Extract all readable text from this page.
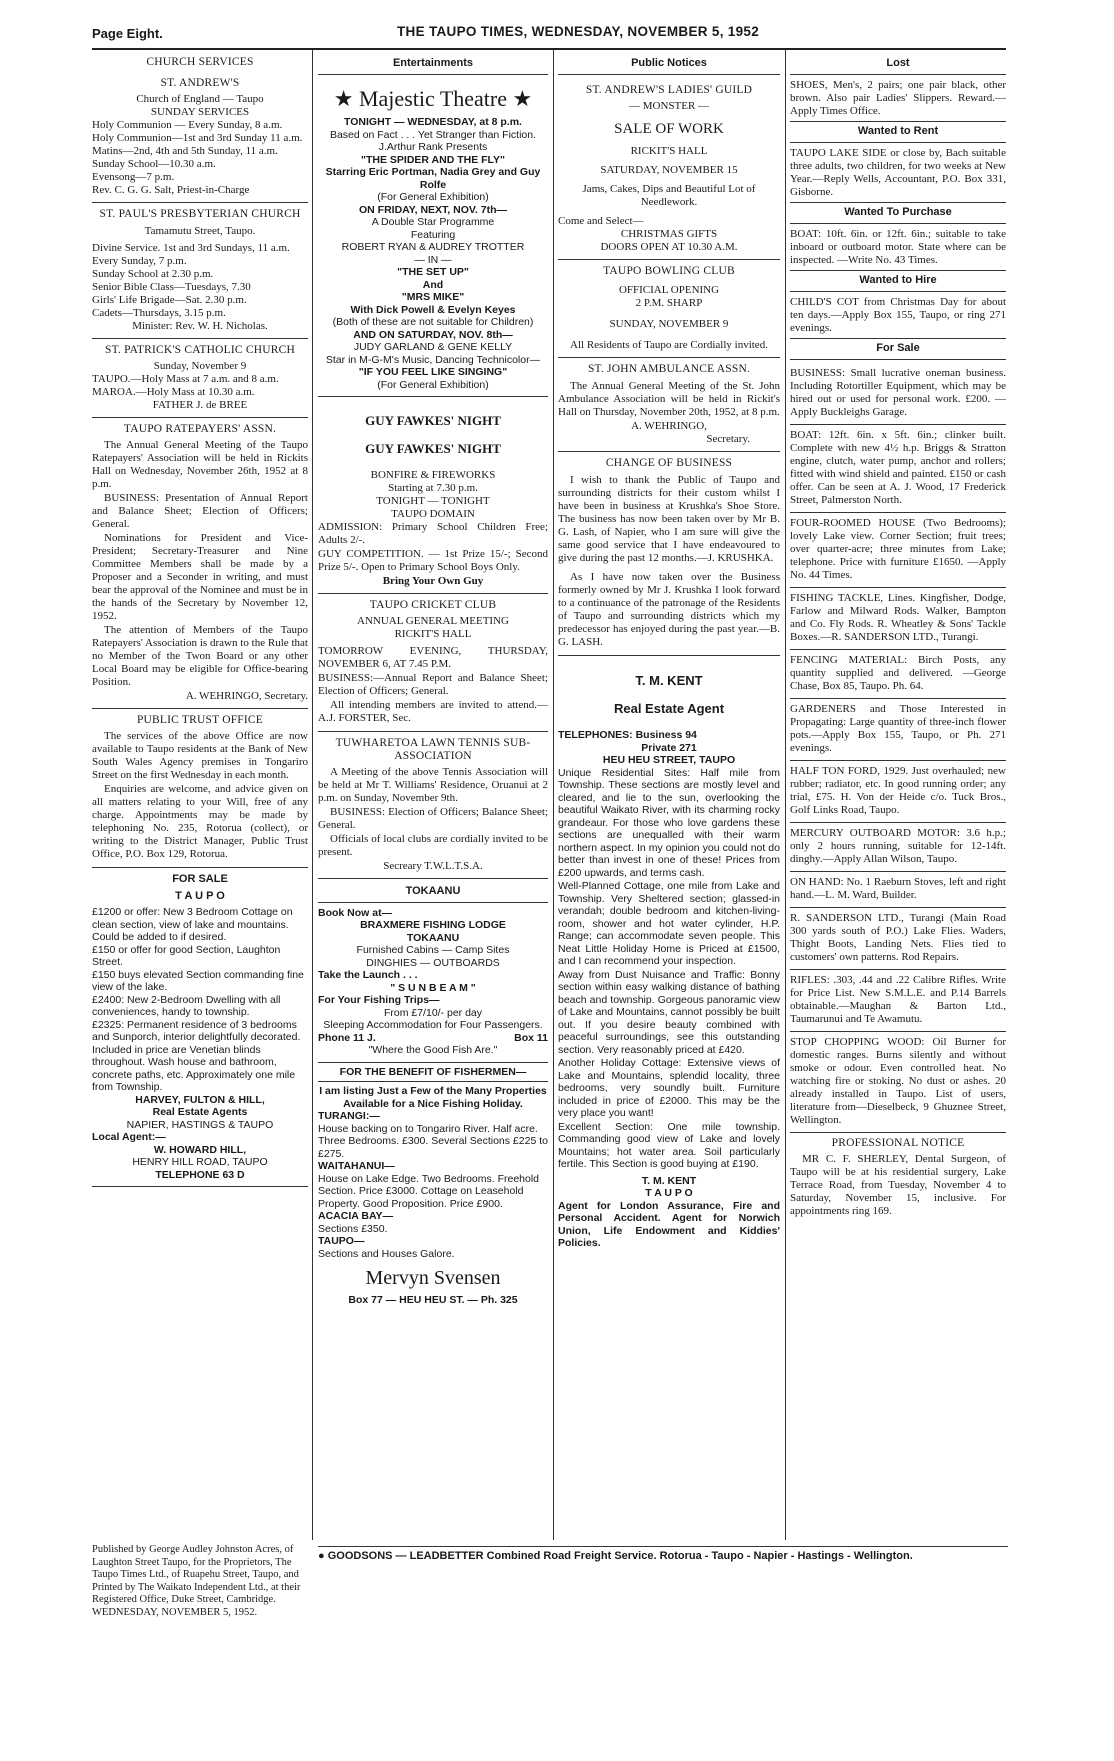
Page Eight.	THE TAUPO TIMES, WEDNESDAY, NOVEMBER 5, 1952
CHURCH SERVICES
ST. ANDREW'S

Church of England — Taupo

SUNDAY SERVICES

Holy Communion — Every Sunday, 8 a.m.

Holy Communion—1st and 3rd Sunday 11 a.m.

Matins—2nd, 4th and 5th Sunday, 11 a.m.

Sunday School—10.30 a.m.

Evensong—7 p.m.

Rev. C. G. G. Salt, Priest-in-Charge

ST. PAUL'S PRESBYTERIAN CHURCH

Tamamutu Street, Taupo.

Divine Service. 1st and 3rd Sundays, 11 a.m. Every Sunday, 7 p.m.

Sunday School at 2.30 p.m.

Senior Bible Class—Tuesdays, 7.30

Girls' Life Brigade—Sat. 2.30 p.m.

Cadets—Thursdays, 3.15 p.m.

Minister: Rev. W. H. Nicholas.

ST. PATRICK'S CATHOLIC CHURCH

Sunday, November 9

TAUPO.—Holy Mass at 7 a.m. and 8 a.m.

MAROA.—Holy Mass at 10.30 a.m.

FATHER J. de BREE

TAUPO RATEPAYERS' ASSN.

The Annual General Meeting of the Taupo Ratepayers' Association will be held in Rickits Hall on Wednesday, November 26th, 1952 at 8 p.m.

BUSINESS: Presentation of Annual Report and Balance Sheet; Election of Officers; General.

Nominations for President and Vice-President; Secretary-Treasurer and Nine Committee Members shall be made by a Proposer and a Seconder in writing, and must bear the approval of the Nominee and must be in the hands of the Secretary by November 12, 1952.

The attention of Members of the Taupo Ratepayers' Association is drawn to the Rule that no Member of the Twon Board or any other Local Board may be eligible for Office-bearing Position.

A. WEHRINGO, Secretary.

PUBLIC TRUST OFFICE

The services of the above Office are now available to Taupo residents at the Bank of New South Wales Agency premises in Tongariro Street on the first Wednesday in each month.

Enquiries are welcome, and advice given on all matters relating to your Will, free of any charge. Appointments may be made by telephoning No. 235, Rotorua (collect), or writing to the District Manager, Public Trust Office, P.O. Box 129, Rotorua.

FOR SALE
T A U P O

£1200 or offer: New 3 Bedroom Cottage on clean section, view of lake and mountains. Could be added to if desired.

£150 or offer for good Section, Laughton Street.

£150 buys elevated Section commanding fine view of the lake.

£2400: New 2-Bedroom Dwelling with all conveniences, handy to township.

£2325: Permanent residence of 3 bedrooms and Sunporch, interior delightfully decorated. Included in price are Venetian blinds throughout. Wash house and bathroom, concrete paths, etc. Approximately one mile from Township.

HARVEY, FULTON & HILL,

Real Estate Agents

NAPIER, HASTINGS & TAUPO

Local Agent:—

W. HOWARD HILL,

HENRY HILL ROAD, TAUPO

TELEPHONE 63 D

Published by George Audley Johnston Acres, of Laughton Street Taupo, for the Proprietors, The Taupo Times Ltd., of Ruapehu Street, Taupo, and Printed by The Waikato Independent Ltd., at their Registered Office, Duke Street, Cambridge.

WEDNESDAY, NOVEMBER 5, 1952.

Entertainments
★ Majestic Theatre ★

TONIGHT — WEDNESDAY, at 8 p.m.

Based on Fact . . . Yet Stranger than Fiction. J.Arthur Rank Presents

"THE SPIDER AND THE FLY"

Starring Eric Portman, Nadia Grey and Guy Rolfe

(For General Exhibition)

ON FRIDAY, NEXT, NOV. 7th—

A Double Star Programme

Featuring

ROBERT RYAN & AUDREY TROTTER

— IN —

"THE SET UP"

And

"MRS MIKE"

With Dick Powell & Evelyn Keyes

(Both of these are not suitable for Children)

AND ON SATURDAY, NOV. 8th—

JUDY GARLAND & GENE KELLY

Star in M-G-M's Music, Dancing Technicolor—

"IF YOU FEEL LIKE SINGING"

(For General Exhibition)

GUY FAWKES' NIGHT

GUY FAWKES' NIGHT

BONFIRE & FIREWORKS

Starting at 7.30 p.m.

TONIGHT — TONIGHT

TAUPO DOMAIN

ADMISSION: Primary School Children Free; Adults 2/-.

GUY COMPETITION. — 1st Prize 15/-; Second Prize 5/-. Open to Primary School Boys Only.

Bring Your Own Guy

TAUPO CRICKET CLUB

ANNUAL GENERAL MEETING

RICKIT'S HALL

TOMORROW EVENING, THURSDAY, NOVEMBER 6, AT 7.45 P.M.

BUSINESS:—Annual Report and Balance Sheet; Election of Officers; General.

All intending members are invited to attend.—A.J. FORSTER, Sec.

TUWHARETOA LAWN TENNIS SUB-ASSOCIATION

A Meeting of the above Tennis Association will be held at Mr T. Williams' Residence, Oruanui at 2 p.m. on Sunday, November 9th.

BUSINESS: Election of Officers; Balance Sheet; General.

Officials of local clubs are cordially invited to be present.

Secreary T.W.L.T.S.A.

TOKAANU

Book Now at—

BRAXMERE FISHING LODGE

TOKAANU

Furnished Cabins — Camp Sites

DINGHIES — OUTBOARDS

Take the Launch . . .

" S U N B E A M "

For Your Fishing Trips—

From £7/10/- per day

Sleeping Accommodation for Four Passengers.

Phone 11 J.	Box 11

"Where the Good Fish Are."

FOR THE BENEFIT OF FISHERMEN—

I am listing Just a Few of the Many Properties Available for a Nice Fishing Holiday.

TURANGI:—

House backing on to Tongariro River. Half acre. Three Bedrooms. £300. Several Sections £225 to £275.

WAITAHANUI—

House on Lake Edge. Two Bedrooms. Freehold Section. Price £3000. Cottage on Leasehold Property. Good Proposition. Price £900.

ACACIA BAY—

Sections £350.

TAUPO—

Sections and Houses Galore.

Mervyn Svensen

Box 77 — HEU HEU ST. — Ph. 325

Public Notices
ST. ANDREW'S LADIES' GUILD

— MONSTER —

SALE OF WORK

RICKIT'S HALL

SATURDAY, NOVEMBER 15

Jams, Cakes, Dips and Beautiful Lot of Needlework.

Come and Select—

CHRISTMAS GIFTS

DOORS OPEN AT 10.30 A.M.

TAUPO BOWLING CLUB

OFFICIAL OPENING

2 P.M. SHARP

SUNDAY, NOVEMBER 9

All Residents of Taupo are Cordially invited.

ST. JOHN AMBULANCE ASSN.

The Annual General Meeting of the St. John Ambulance Association will be held in Rickit's Hall on Thursday, November 20th, 1952, at 8 p.m.

A. WEHRINGO,

Secretary.

CHANGE OF BUSINESS

I wish to thank the Public of Taupo and surrounding districts for their custom whilst I have been in business at Krushka's Shoe Store. The business has now been taken over by Mr B. G. Lash, of Napier, who I am sure will give the same good service that I have endeavoured to give during the past 12 months.—J. KRUSHKA.

As I have now taken over the Business formerly owned by Mr J. Krushka I look forward to a continuance of the patronage of the Residents of Taupo and surrounding districts which my predecessor has enjoyed during the past year.—B. G. LASH.

T. M. KENT

Real Estate Agent

TELEPHONES: Business 94

Private 271

HEU HEU STREET, TAUPO

Unique Residential Sites: Half mile from Township. These sections are mostly level and cleared, and lie to the sun, overlooking the beautiful Waikato River, with its charming rocky grandeaur. For those who love gardens these sections are unequalled with their warm northern aspect. In my opinion you could not do better than invest in one of these! Prices from £200 upwards, and terms cash.

Well-Planned Cottage, one mile from Lake and Township. Very Sheltered section; glassed-in verandah; double bedroom and kitchen-living-room, shower and hot water cylinder, H.P. Range; can accommodate seven people. This Neat Little Holiday Home is Priced at £1500, and I can recommend your inspection.

Away from Dust Nuisance and Traffic: Bonny section within easy walking distance of bathing beach and township. Gorgeous panoramic view of Lake and Mountains, cannot possibly be built out. If you desire beauty combined with peaceful surroundings, see this outstanding section. Very reasonably priced at £420.

Another Holiday Cottage: Extensive views of Lake and Mountains, splendid locality, three bedrooms, very soundly built. Furniture included in price of £2000. This may be the very place you want!

Excellent Section: One mile township. Commanding good view of Lake and lovely Mountains; hot water area. Soil particularly fertile. This Section is good buying at £190.

T. M. KENT

T A U P O

Agent for London Assurance, Fire and Personal Accident. Agent for Norwich Union, Life Endowment and Kiddies' Policies.

Lost

SHOES, Men's, 2 pairs; one pair black, other brown. Also pair Ladies' Slippers. Reward.—Apply Times Office.

Wanted to Rent

TAUPO LAKE SIDE or close by, Bach suitable three adults, two children, for two weeks at New Year.—Reply Wells, Accountant, P.O. Box 331, Gisborne.

Wanted To Purchase

BOAT: 10ft. 6in. or 12ft. 6in.; suitable to take inboard or outboard motor. State where can be inspected. —Write No. 43 Times.

Wanted to Hire

CHILD'S COT from Christmas Day for about ten days.—Apply Box 155, Taupo, or ring 271 evenings.

For Sale

BUSINESS: Small lucrative oneman business. Including Rotortiller Equipment, which may be hired out or used for personal work. £200. —Apply Buckleighs Garage.

BOAT: 12ft. 6in. x 5ft. 6in.; clinker built. Complete with new 4½ h.p. Briggs & Stratton engine, clutch, water pump, anchor and rollers; fitted with wind shield and painted. £150 or cash offer. Can be seen at A. J. Wood, 17 Frederick Street, Palmerston North.

FOUR-ROOMED HOUSE (Two Bedrooms); lovely Lake view. Corner Section; fruit trees; over quarter-acre; three minutes from Lake; telephone. Price with furniture £1650. —Apply No. 44 Times.

FISHING TACKLE, Lines. Kingfisher, Dodge, Farlow and Milward Rods. Walker, Bampton and Co. Fly Rods. R. Wheatley & Sons' Tackle Boxes.—R. SANDERSON LTD., Turangi.

FENCING MATERIAL: Birch Posts, any quantity supplied and delivered. —George Chase, Box 85, Taupo. Ph. 64.

GARDENERS and Those Interested in Propagating: Large quantity of three-inch flower pots.—Apply Box 155, Taupo, or Ph. 271 evenings.

HALF TON FORD, 1929. Just overhauled; new rubber; radiator, etc. In good running order; any trial, £75. H. Von der Heide c/o. Tuck Bros., Golf Links Road, Taupo.

MERCURY OUTBOARD MOTOR: 3.6 h.p.; only 2 hours running, suitable for 12-14ft. dinghy.—Apply Allan Wilson, Taupo.

ON HAND: No. 1 Raeburn Stoves, left and right hand.—L. M. Ward, Builder.

R. SANDERSON LTD., Turangi (Main Road 300 yards south of P.O.) Lake Flies. Waders, Thight Boots, Landing Nets. Flies tied to customers' own patterns. Rod Repairs.

RIFLES: .303, .44 and .22 Calibre Rifles. Write for Price List. New S.M.L.E. and P.14 Barrels obtainable.—Maughan & Barton Ltd., Taumarunui and Te Awamutu.

STOP CHOPPING WOOD: Oil Burner for domestic ranges. Burns silently and without smoke or odour. Even controlled heat. No watching fire or stoking. No dust or ashes. 20 already installed in Taupo. List of users, literature from—Dieselbeck, 9 Ghuznee Street, Wellington.

PROFESSIONAL NOTICE

MR C. F. SHERLEY, Dental Surgeon, of Taupo will be at his residential surgery, Lake Terrace Road, from Tuesday, November 4 to Saturday, November 15, inclusive. For appointments ring 169.

● GOODSONS — LEADBETTER Combined Road Freight Service. Rotorua - Taupo - Napier - Hastings - Wellington.
